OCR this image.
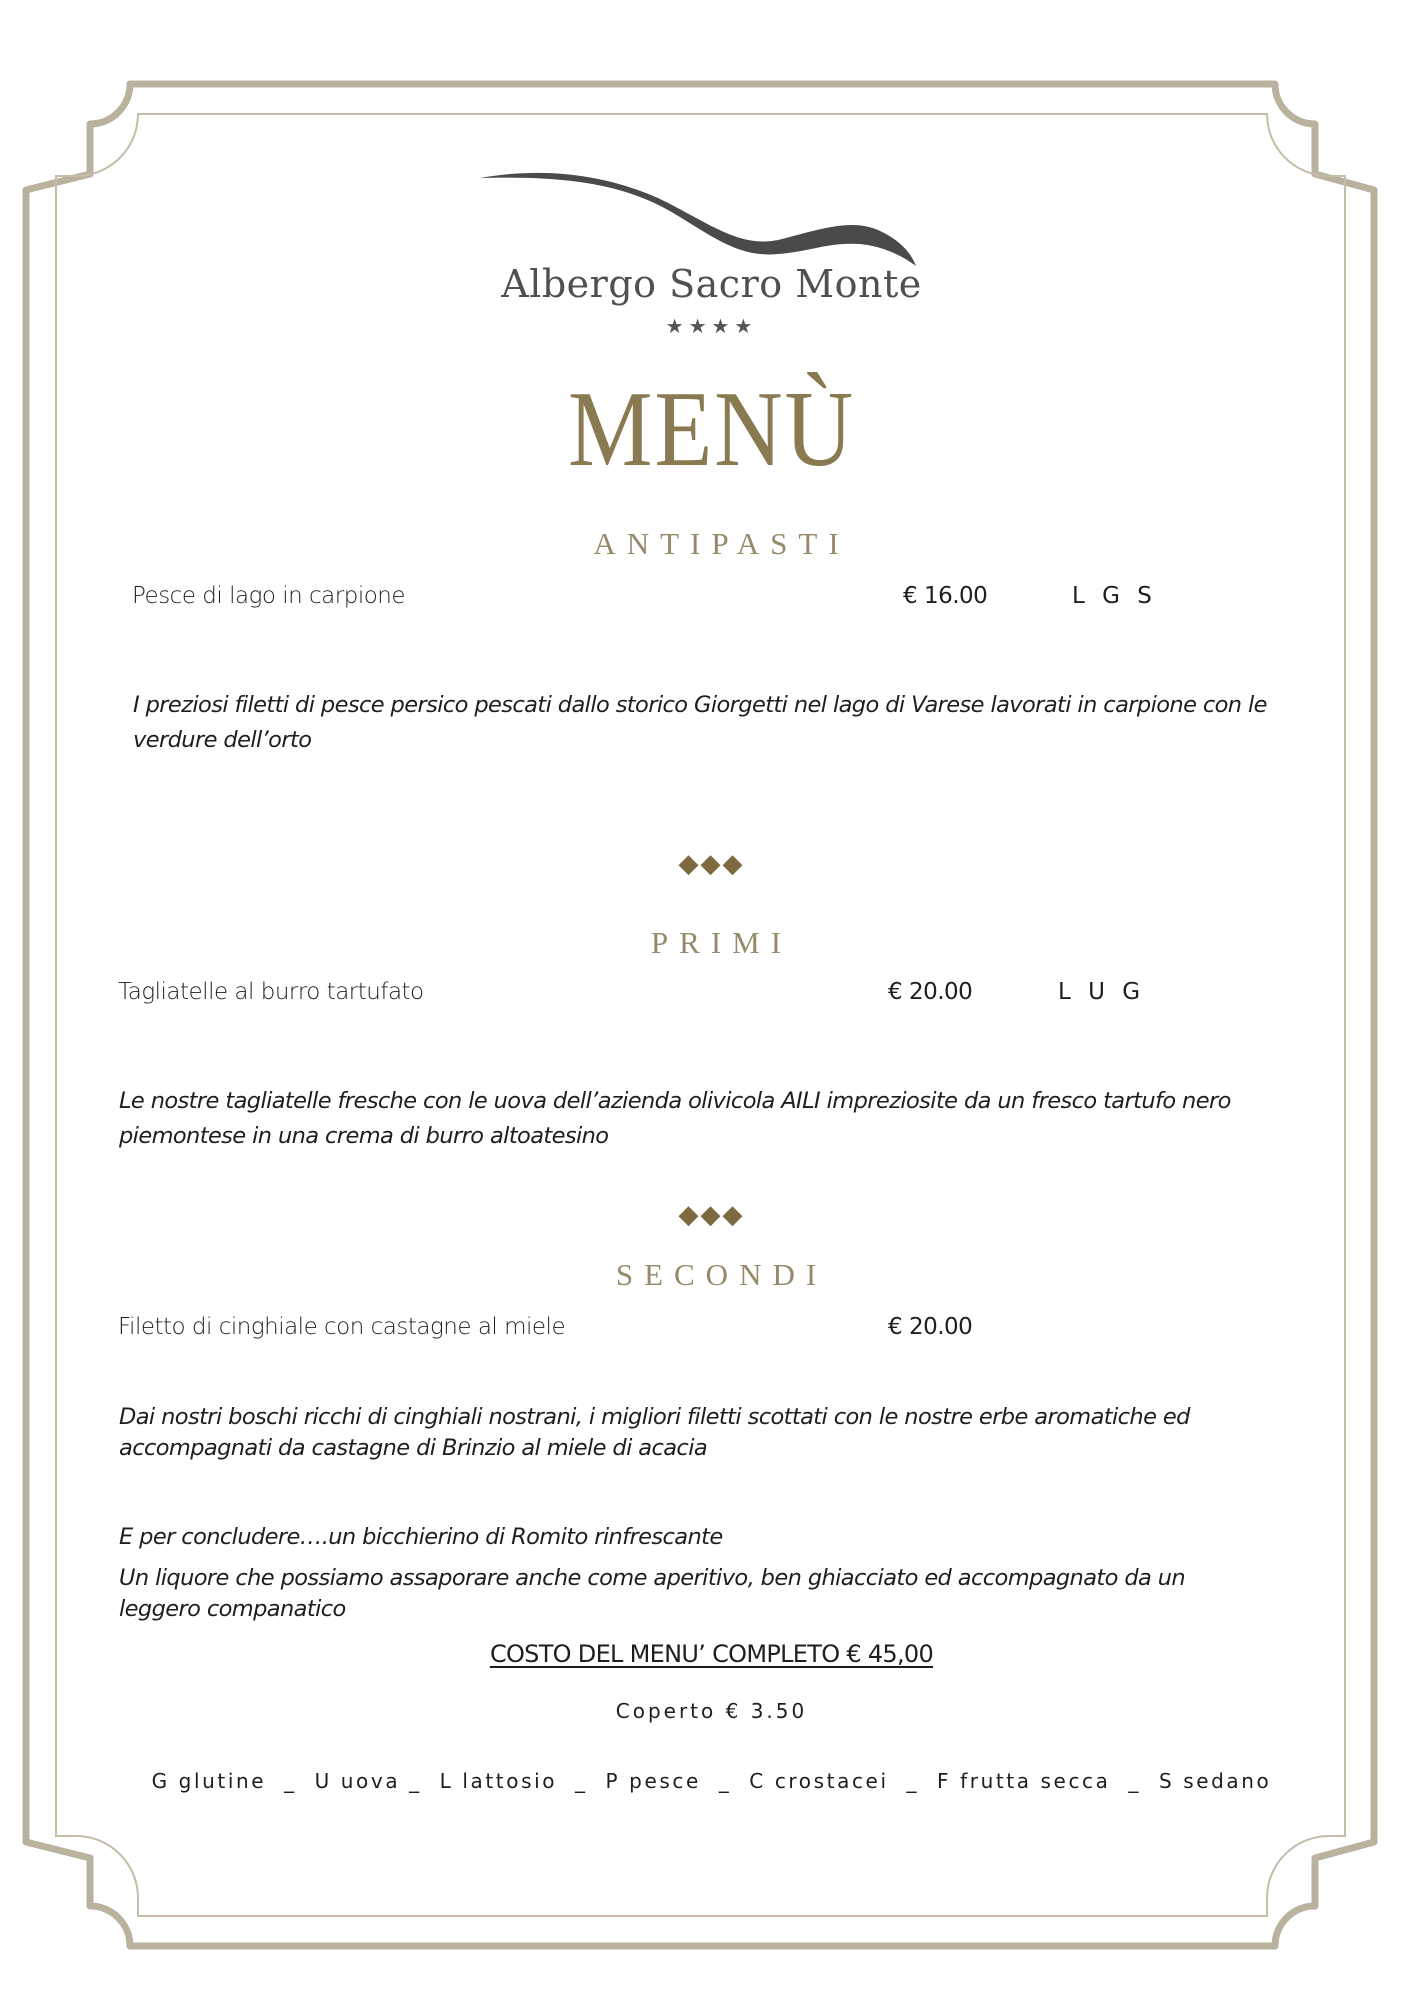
Albergo Sacro Monte
★★★★
MENÙ
ANTIPASTI
Pesce di lago in carpione	€ 16.00	L G S
I preziosi filetti di pesce persico pescati dallo storico Giorgetti nel lago di Varese lavorati in carpione con le verdure dell’orto
◆◆◆
PRIMI
Tagliatelle al burro tartufato	€ 20.00	L U G
Le nostre tagliatelle fresche con le uova dell’azienda olivicola AILI impreziosite da un fresco tartufo nero piemontese in una crema di burro altoatesino
◆◆◆
SECONDI
Filetto di cinghiale con castagne al miele	€ 20.00
Dai nostri boschi ricchi di cinghiali nostrani, i migliori filetti scottati con le nostre erbe aromatiche ed accompagnati da castagne di Brinzio al miele di acacia
E per concludere….un bicchierino di Romito rinfrescante
Un liquore che possiamo assaporare anche come aperitivo, ben ghiacciato ed accompagnato da un leggero companatico
COSTO DEL MENU’ COMPLETO € 45,00
Coperto € 3.50
G glutine  _  U uova _  L lattosio  _  P pesce  _  C crostacei  _  F frutta secca  _  S sedano
